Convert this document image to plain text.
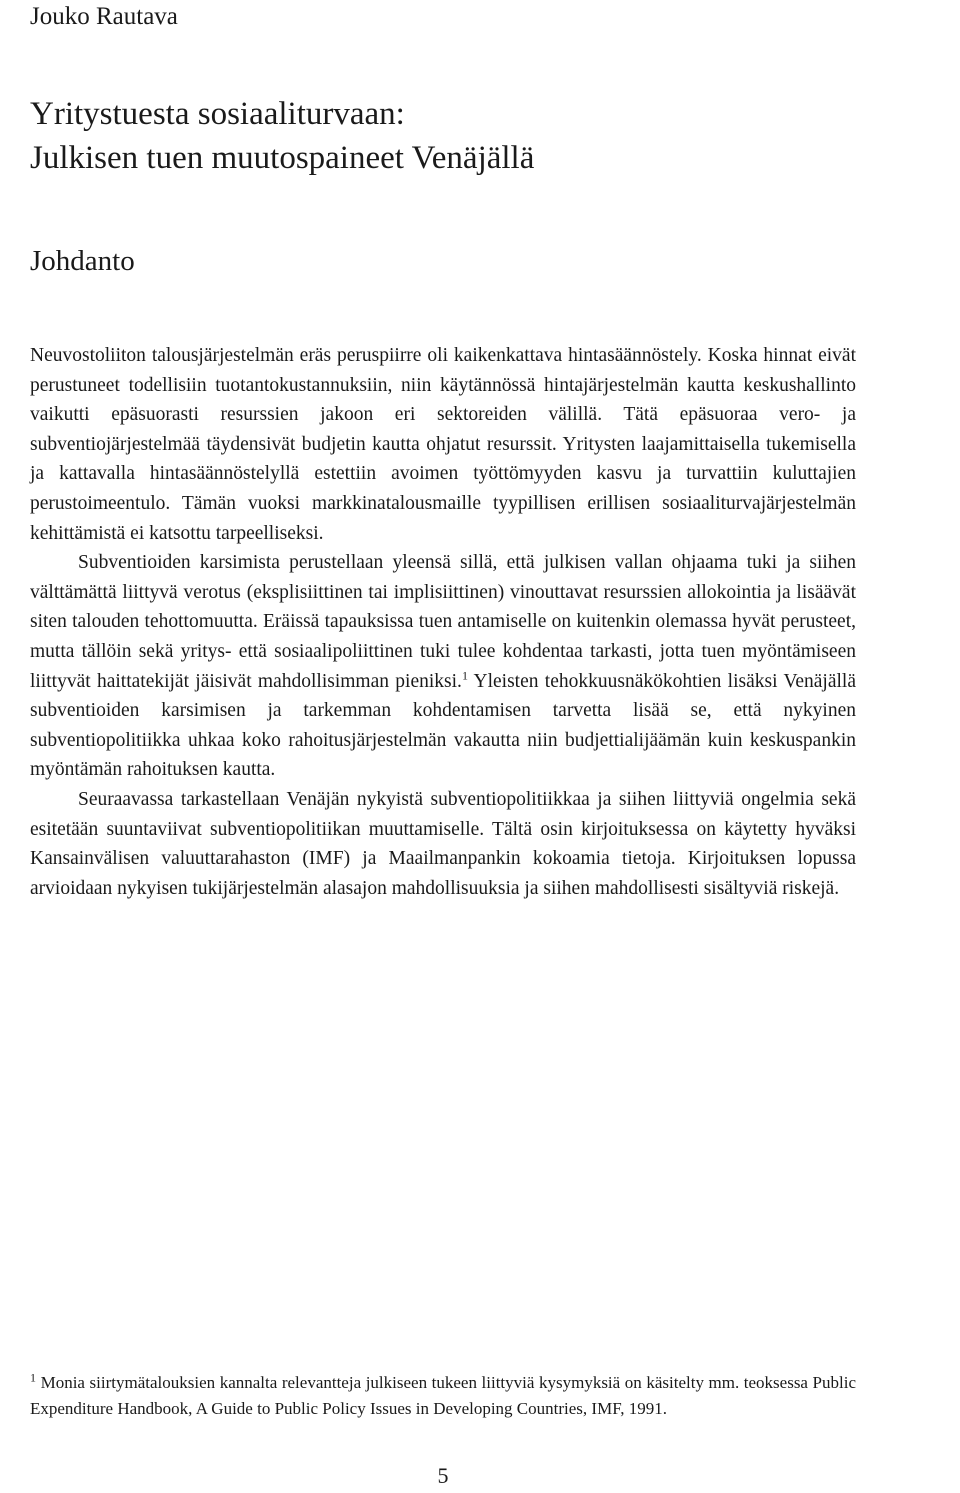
Jouko Rautava
Yritystuesta sosiaaliturvaan:
Julkisen tuen muutospaineet Venäjällä
Johdanto

Neuvostoliiton talousjärjestelmän eräs peruspiirre oli kaikenkattava hintasäännöstely. Koska hinnat eivät perustuneet todellisiin tuotantokustannuksiin, niin käytännössä hintajärjestelmän kautta keskushallinto vaikutti epäsuorasti resurssien jakoon eri sektoreiden välillä. Tätä epäsuoraa vero- ja subventiojärjestelmää täydensivät budjetin kautta ohjatut resurssit. Yritysten laajamittaisella tukemisella ja kattavalla hintasäännöstelyllä estettiin avoimen työttömyyden kasvu ja turvattiin kuluttajien perustoimeentulo. Tämän vuoksi markkinatalousmaille tyypillisen erillisen sosiaaliturvajärjestelmän kehittämistä ei katsottu tarpeelliseksi.

Subventioiden karsimista perustellaan yleensä sillä, että julkisen vallan ohjaama tuki ja siihen välttämättä liittyvä verotus (eksplisiittinen tai implisiittinen) vinouttavat resurssien allokointia ja lisäävät siten talouden tehottomuutta. Eräissä tapauksissa tuen antamiselle on kuitenkin olemassa hyvät perusteet, mutta tällöin sekä yritys- että sosiaalipoliittinen tuki tulee kohdentaa tarkasti, jotta tuen myöntämiseen liittyvät haittatekijät jäisivät mahdollisimman pieniksi.$^1$ Yleisten tehokkuusnäkökohtien lisäksi Venäjällä subventioiden karsimisen ja tarkemman kohdentamisen tarvetta lisää se, että nykyinen subventiopolitiikka uhkaa koko rahoitusjärjestelmän vakautta niin budjettialijäämän kuin keskuspankin myöntämän rahoituksen kautta.

Seuraavassa tarkastellaan Venäjän nykyistä subventiopolitiikkaa ja siihen liittyviä ongelmia sekä esitetään suuntaviivat subventiopolitiikan muuttamiselle. Tältä osin kirjoituksessa on käytetty hyväksi Kansainvälisen valuuttarahaston (IMF) ja Maailmanpankin kokoamia tietoja. Kirjoituksen lopussa arvioidaan nykyisen tukijärjestelmän alasajon mahdollisuuksia ja siihen mahdollisesti sisältyviä riskejä.

$^1$ Monia siirtymätalouksien kannalta relevantteja julkiseen tukeen liittyviä kysymyksiä on käsitelty mm. teoksessa Public Expenditure Handbook, A Guide to Public Policy Issues in Developing Countries, IMF, 1991.
5
